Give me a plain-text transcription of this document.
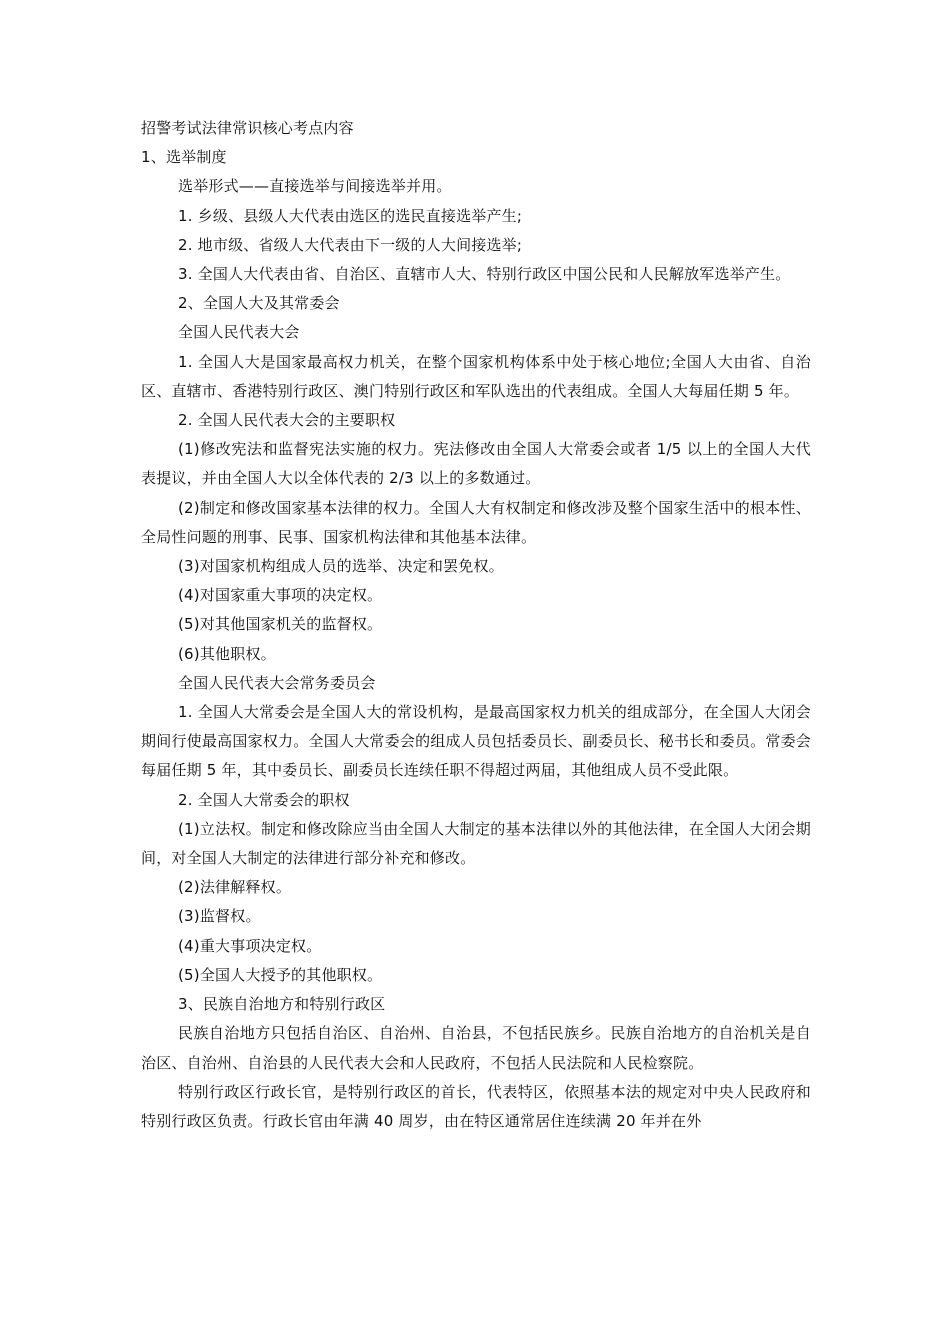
招警考试法律常识核心考点内容
1、选举制度
选举形式——直接选举与间接选举并用。
1. 乡级、县级人大代表由选区的选民直接选举产生;
2. 地市级、省级人大代表由下一级的人大间接选举;
3. 全国人大代表由省、自治区、直辖市人大、特别行政区中国公民和人民解放军选举产生。
2、全国人大及其常委会
全国人民代表大会
1. 全国人大是国家最高权力机关，在整个国家机构体系中处于核心地位;全国人大由省、自治区、直辖市、香港特别行政区、澳门特别行政区和军队选出的代表组成。全国人大每届任期 5 年。
2. 全国人民代表大会的主要职权
(1)修改宪法和监督宪法实施的权力。宪法修改由全国人大常委会或者 1/5 以上的全国人大代表提议，并由全国人大以全体代表的 2/3 以上的多数通过。
(2)制定和修改国家基本法律的权力。全国人大有权制定和修改涉及整个国家生活中的根本性、全局性问题的刑事、民事、国家机构法律和其他基本法律。
(3)对国家机构组成人员的选举、决定和罢免权。
(4)对国家重大事项的决定权。
(5)对其他国家机关的监督权。
(6)其他职权。
全国人民代表大会常务委员会
1. 全国人大常委会是全国人大的常设机构，是最高国家权力机关的组成部分，在全国人大闭会期间行使最高国家权力。全国人大常委会的组成人员包括委员长、副委员长、秘书长和委员。常委会每届任期 5 年，其中委员长、副委员长连续任职不得超过两届，其他组成人员不受此限。
2. 全国人大常委会的职权
(1)立法权。制定和修改除应当由全国人大制定的基本法律以外的其他法律，在全国人大闭会期间，对全国人大制定的法律进行部分补充和修改。
(2)法律解释权。
(3)监督权。
(4)重大事项决定权。
(5)全国人大授予的其他职权。
3、民族自治地方和特别行政区
民族自治地方只包括自治区、自治州、自治县，不包括民族乡。民族自治地方的自治机关是自治区、自治州、自治县的人民代表大会和人民政府，不包括人民法院和人民检察院。
特别行政区行政长官，是特别行政区的首长，代表特区，依照基本法的规定对中央人民政府和特别行政区负责。行政长官由年满 40 周岁，由在特区通常居住连续满 20 年并在外
